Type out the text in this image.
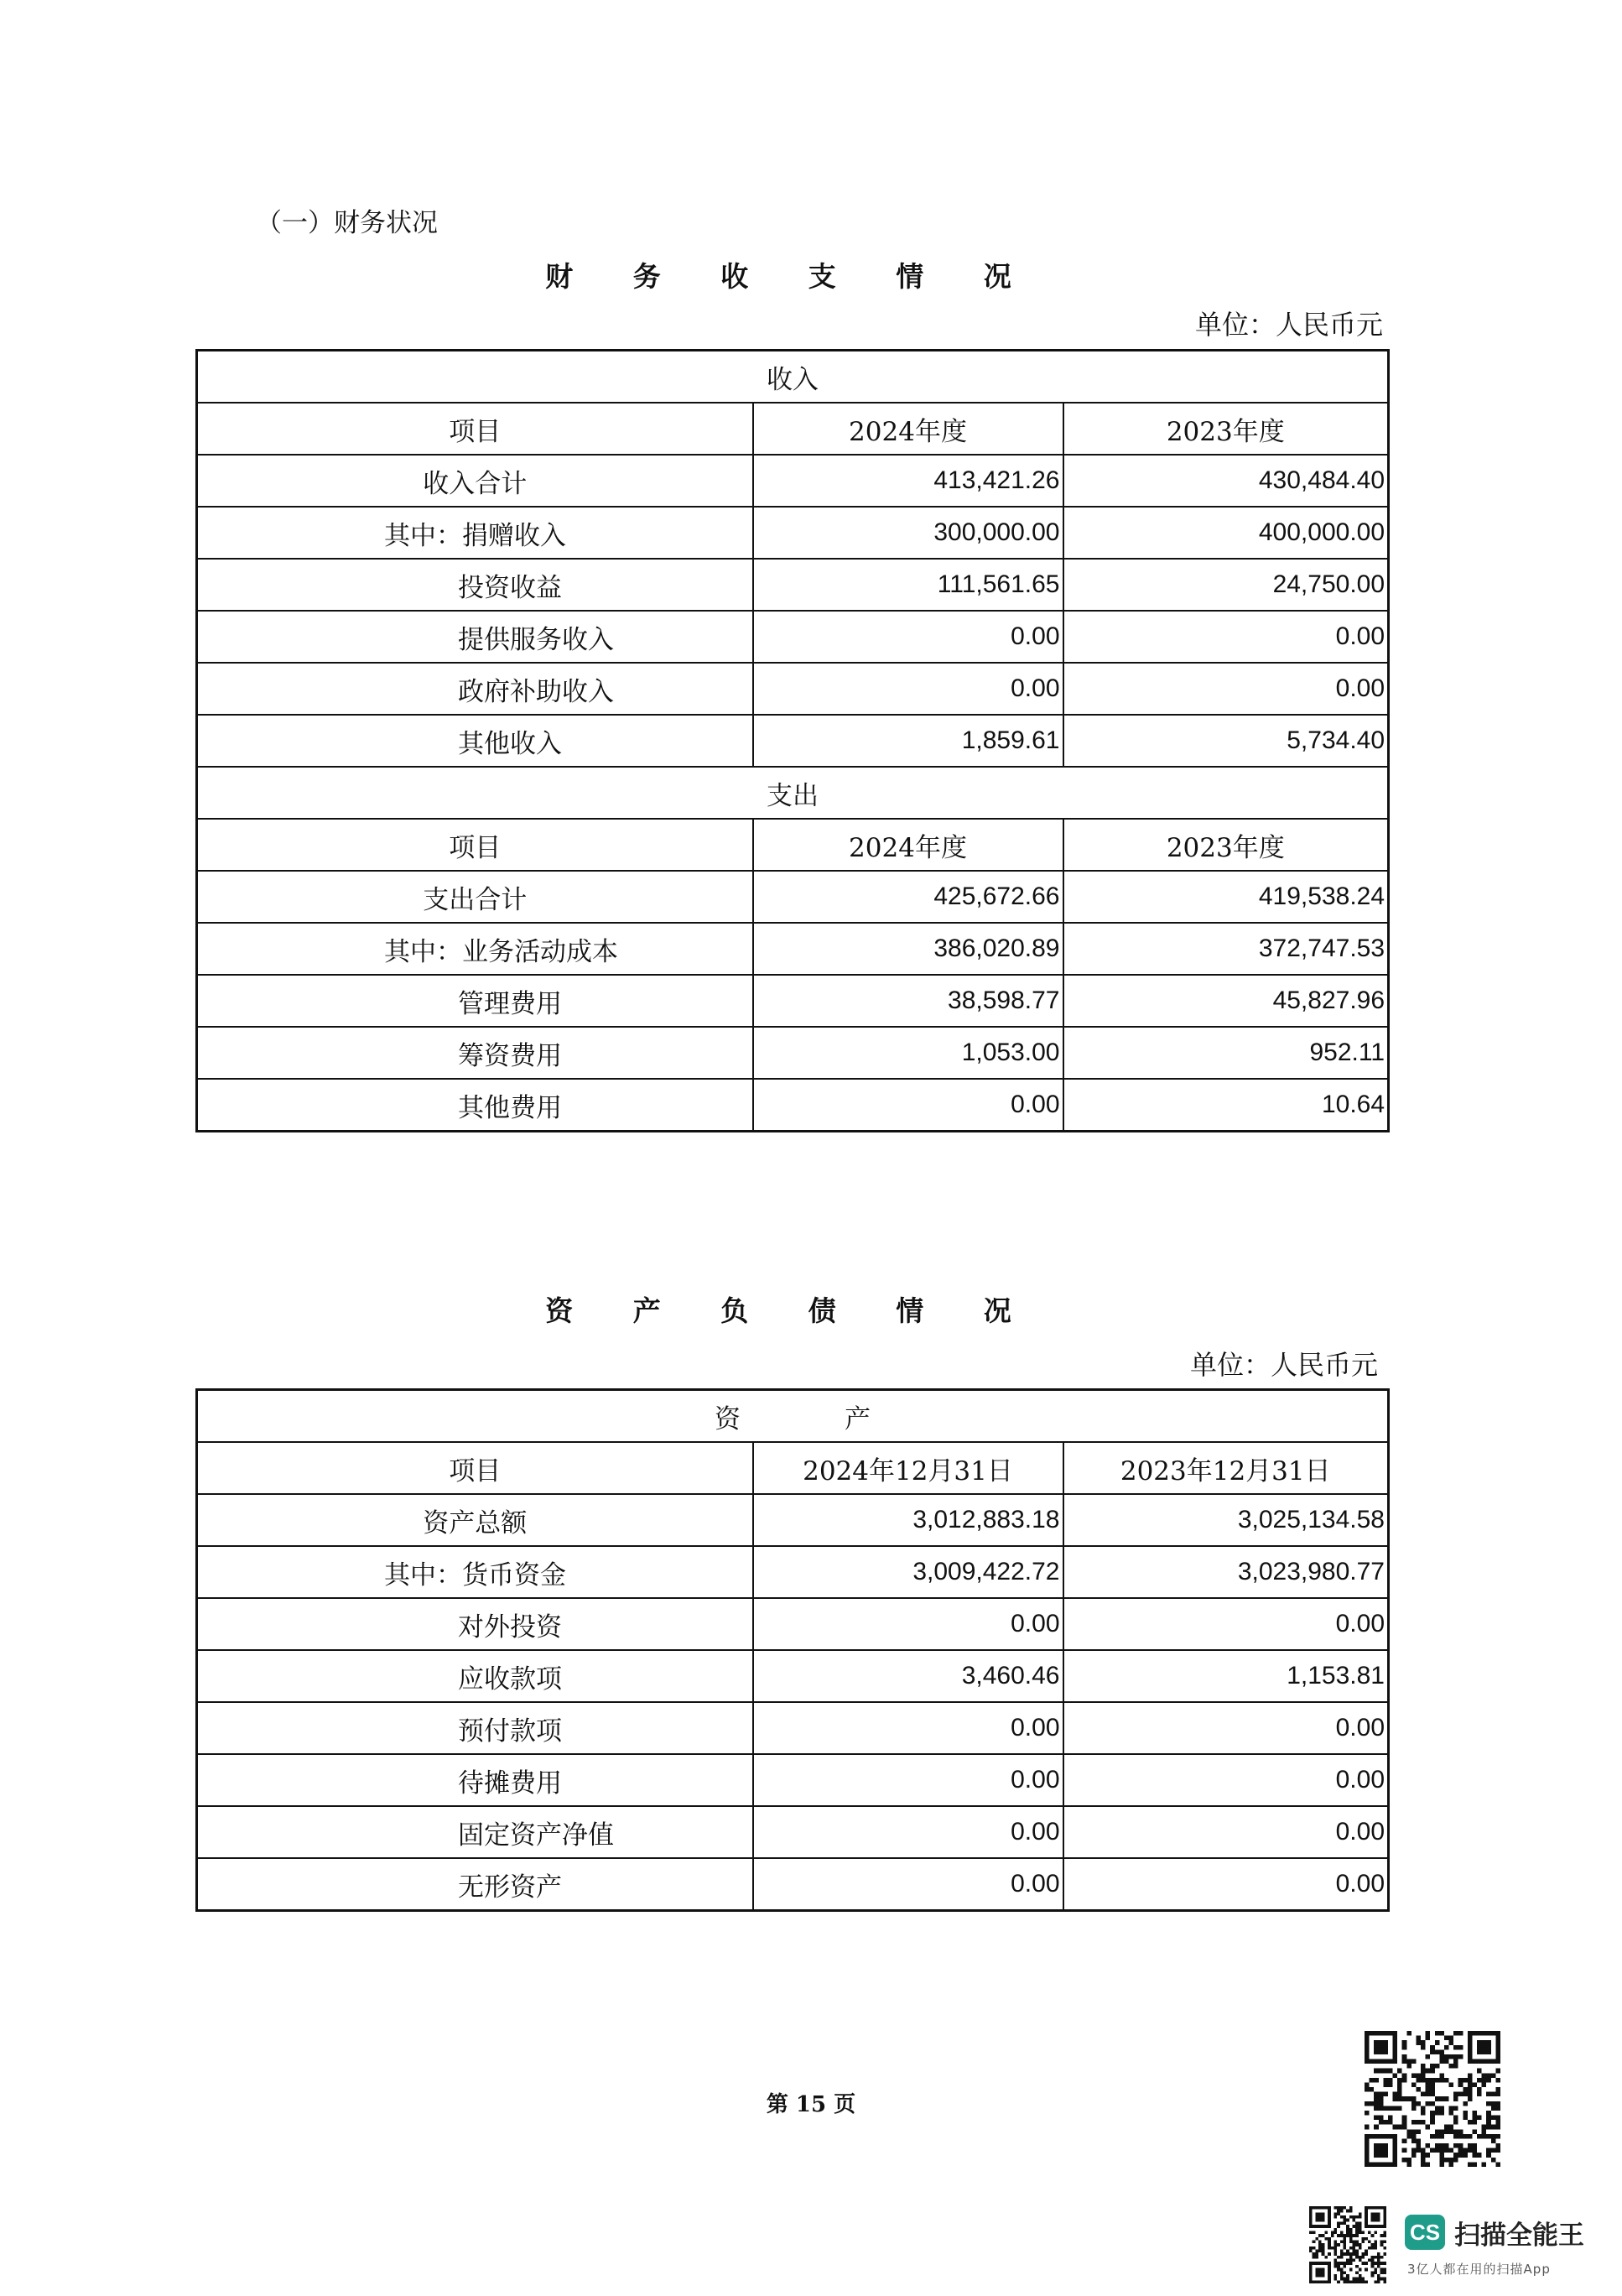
（一）财务状况
财 务 收 支 情 况
单位：人民币元
收入		
项目	2024年度	2023年度
收入合计	413,421.26	430,484.40
其中：捐赠收入	300,000.00	400,000.00
投资收益	111,561.65	24,750.00
提供服务收入	0.00	0.00
政府补助收入	0.00	0.00
其他收入	1,859.61	5,734.40
支出		
项目	2024年度	2023年度
支出合计	425,672.66	419,538.24
其中：业务活动成本	386,020.89	372,747.53
管理费用	38,598.77	45,827.96
筹资费用	1,053.00	952.11
其他费用	0.00	10.64
资 产 负 债 情 况
单位：人民币元
资　　　　产		
项目	2024年12月31日	2023年12月31日
资产总额	3,012,883.18	3,025,134.58
其中：货币资金	3,009,422.72	3,023,980.77
对外投资	0.00	0.00
应收款项	3,460.46	1,153.81
预付款项	0.00	0.00
待摊费用	0.00	0.00
固定资产净值	0.00	0.00
无形资产	0.00	0.00
第 15 页
CS 扫描全能王
3亿人都在用的扫描App
